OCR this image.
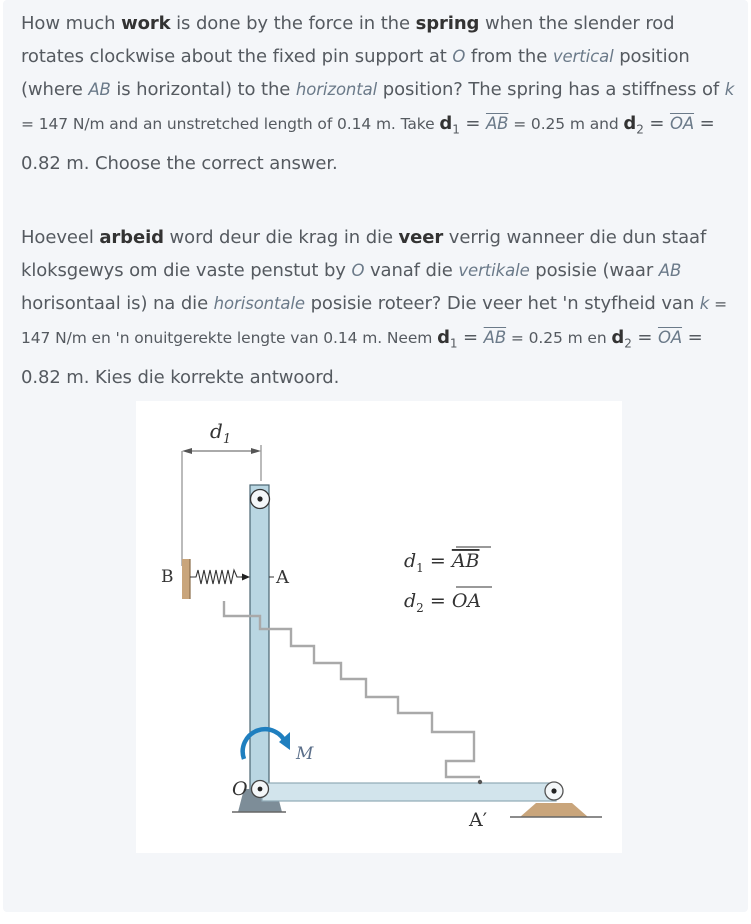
How much work is done by the force in the spring when the slender rod rotates clockwise about the fixed pin support at O from the vertical position (where AB is horizontal) to the horizontal position? The spring has a stiffness of k = 147 N/m and an unstretched length of 0.14 m. Take $d_1 = \overline{AB} = 0.25$ m and $d_2 = \overline{OA} = 0.82$ m. Choose the correct answer.
Hoeveel arbeid word deur die krag in die veer verrig wanneer die dun staaf kloksgewys om die vaste penstut by O vanaf die vertikale posisie (waar AB horisontaal is) na die horisontale posisie roteer? Die veer het 'n styfheid van k = 147 N/m en 'n onuitgerekte lengte van 0.14 m. Neem $d_1 = \overline{AB} = 0.25$ m en $d_2 = \overline{OA} = 0.82$ m. Kies die korrekte antwoord.
$d_1$
B	A
M
O
A′
$d_1$ = AB
$d_2$ = OA
